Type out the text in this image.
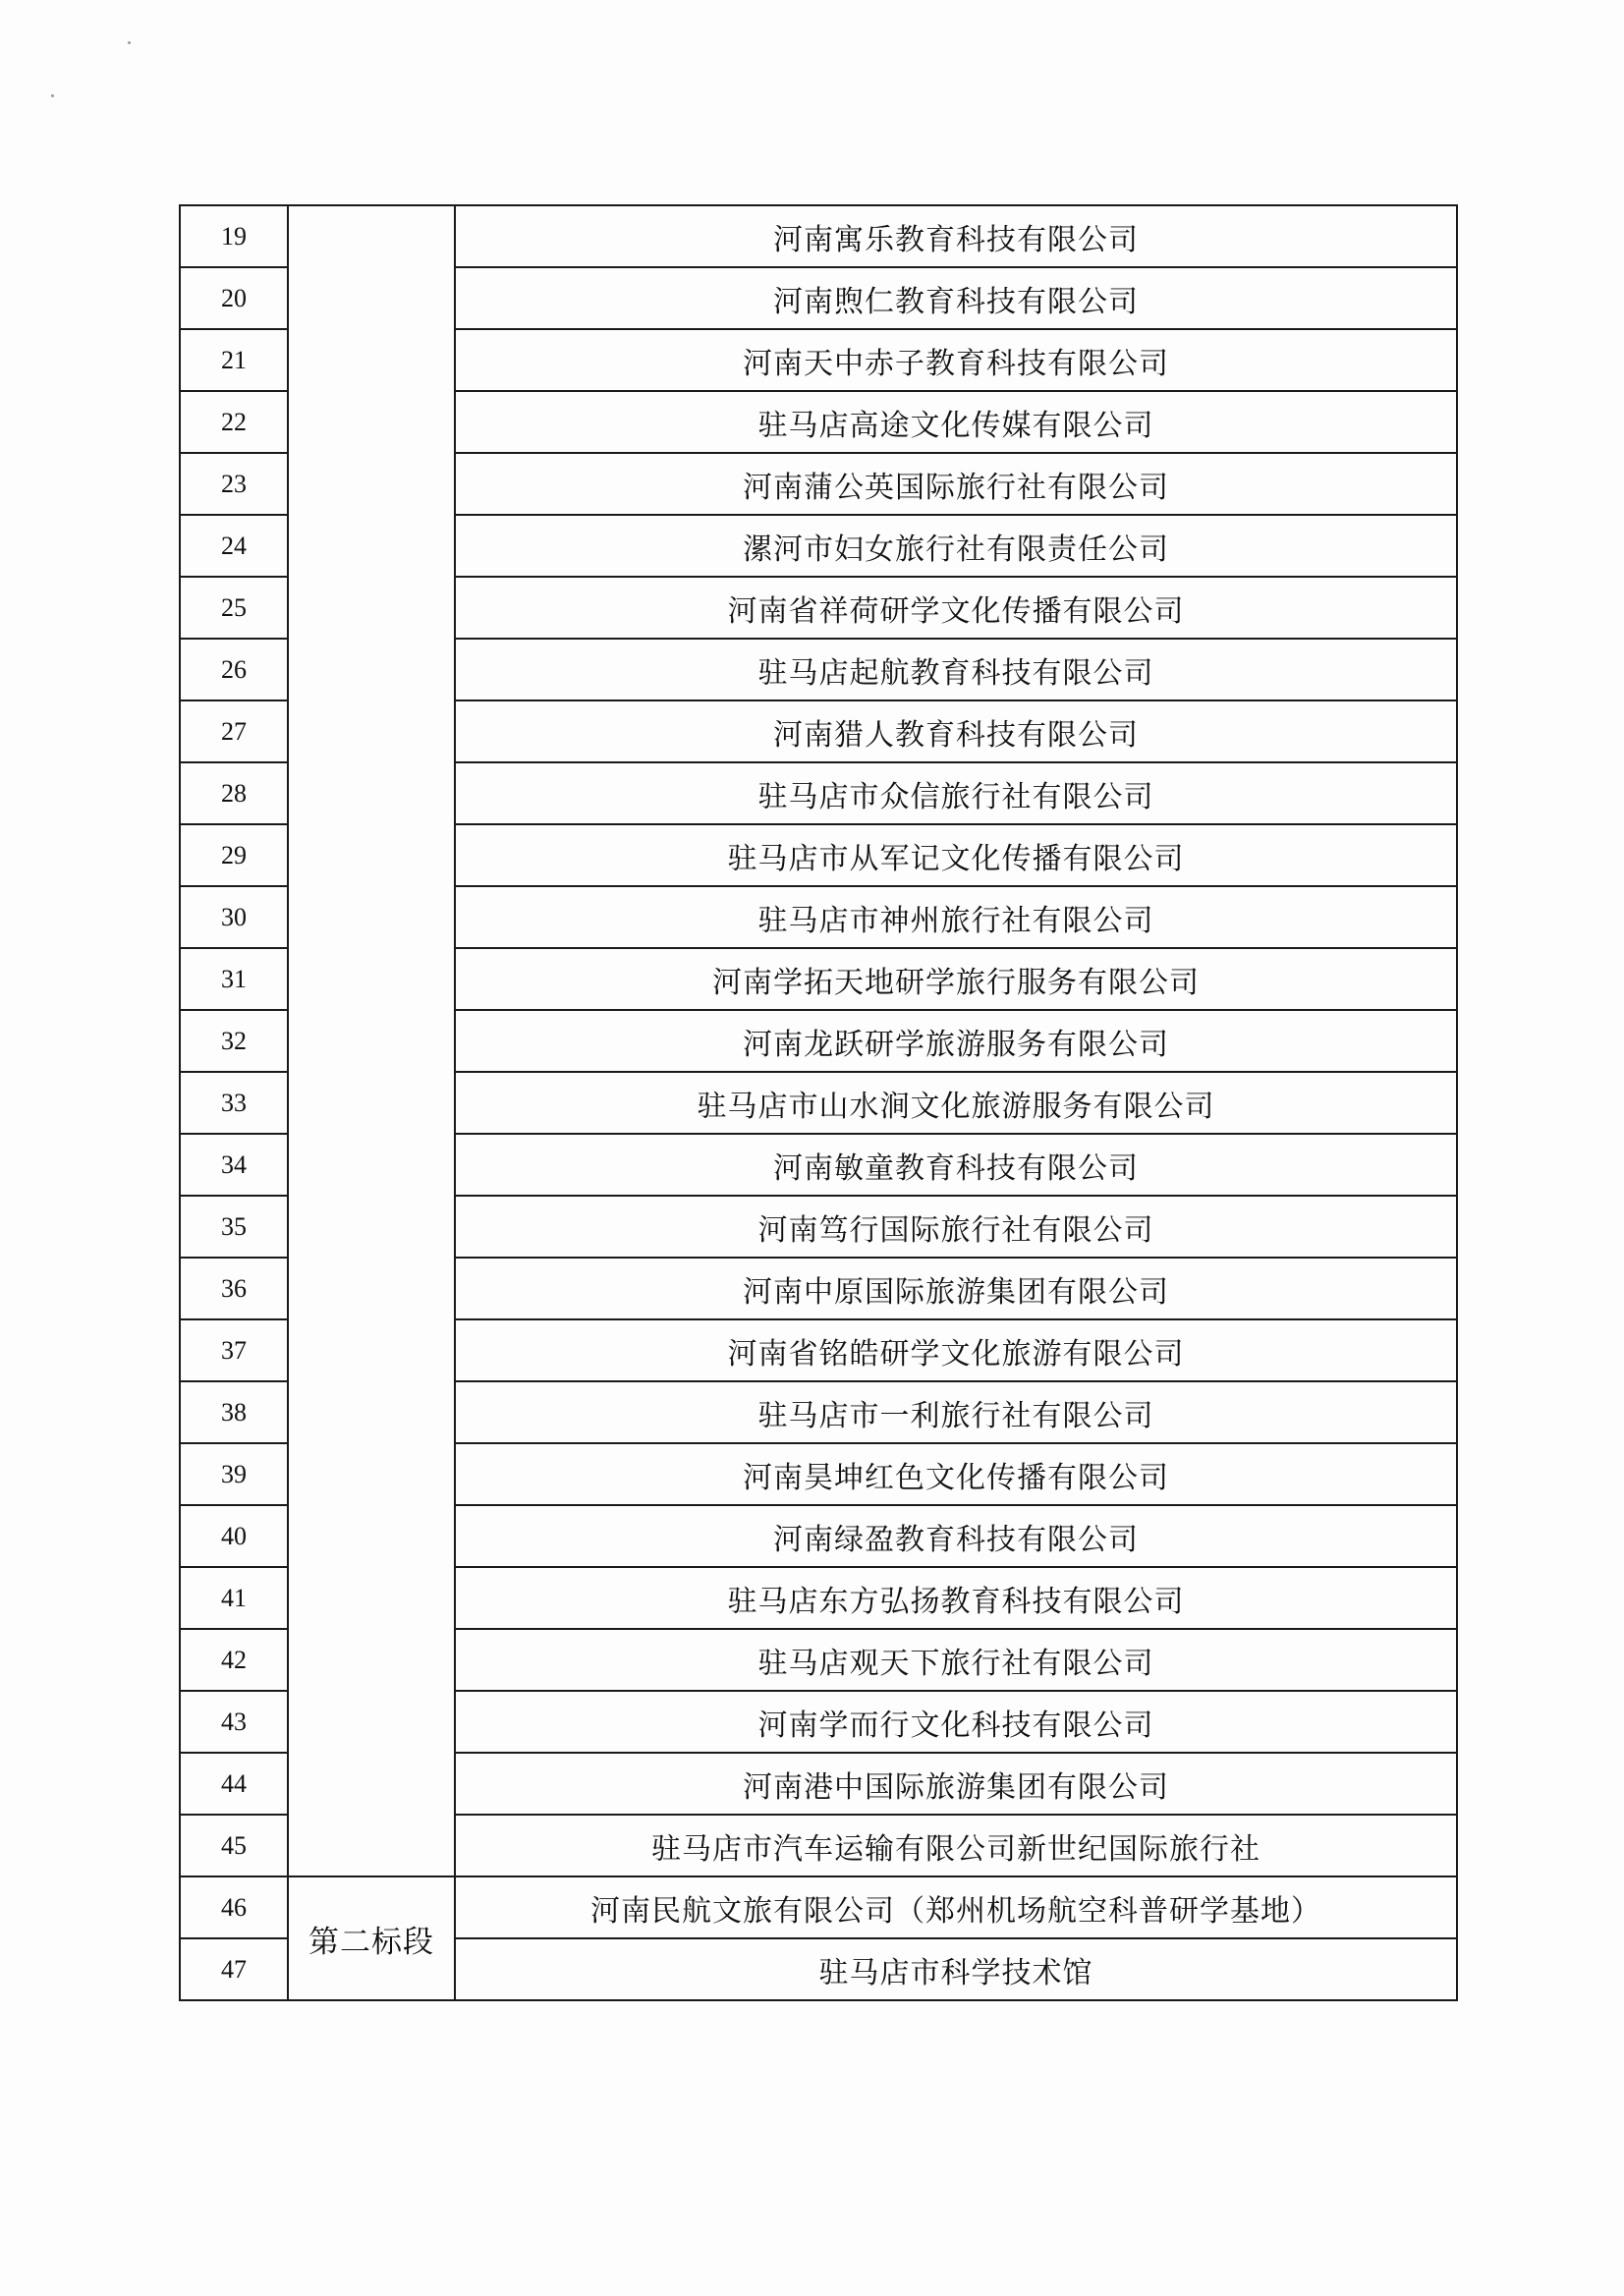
19		河南寓乐教育科技有限公司
20		河南煦仁教育科技有限公司
21		河南天中赤子教育科技有限公司
22		驻马店高途文化传媒有限公司
23		河南蒲公英国际旅行社有限公司
24		漯河市妇女旅行社有限责任公司
25		河南省祥荷研学文化传播有限公司
26		驻马店起航教育科技有限公司
27		河南猎人教育科技有限公司
28		驻马店市众信旅行社有限公司
29		驻马店市从军记文化传播有限公司
30		驻马店市神州旅行社有限公司
31		河南学拓天地研学旅行服务有限公司
32		河南龙跃研学旅游服务有限公司
33		驻马店市山水涧文化旅游服务有限公司
34		河南敏童教育科技有限公司
35		河南笃行国际旅行社有限公司
36		河南中原国际旅游集团有限公司
37		河南省铭皓研学文化旅游有限公司
38		驻马店市一利旅行社有限公司
39		河南昊坤红色文化传播有限公司
40		河南绿盈教育科技有限公司
41		驻马店东方弘扬教育科技有限公司
42		驻马店观天下旅行社有限公司
43		河南学而行文化科技有限公司
44		河南港中国际旅游集团有限公司
45		驻马店市汽车运输有限公司新世纪国际旅行社
46	第二标段	河南民航文旅有限公司（郑州机场航空科普研学基地）
47		驻马店市科学技术馆
